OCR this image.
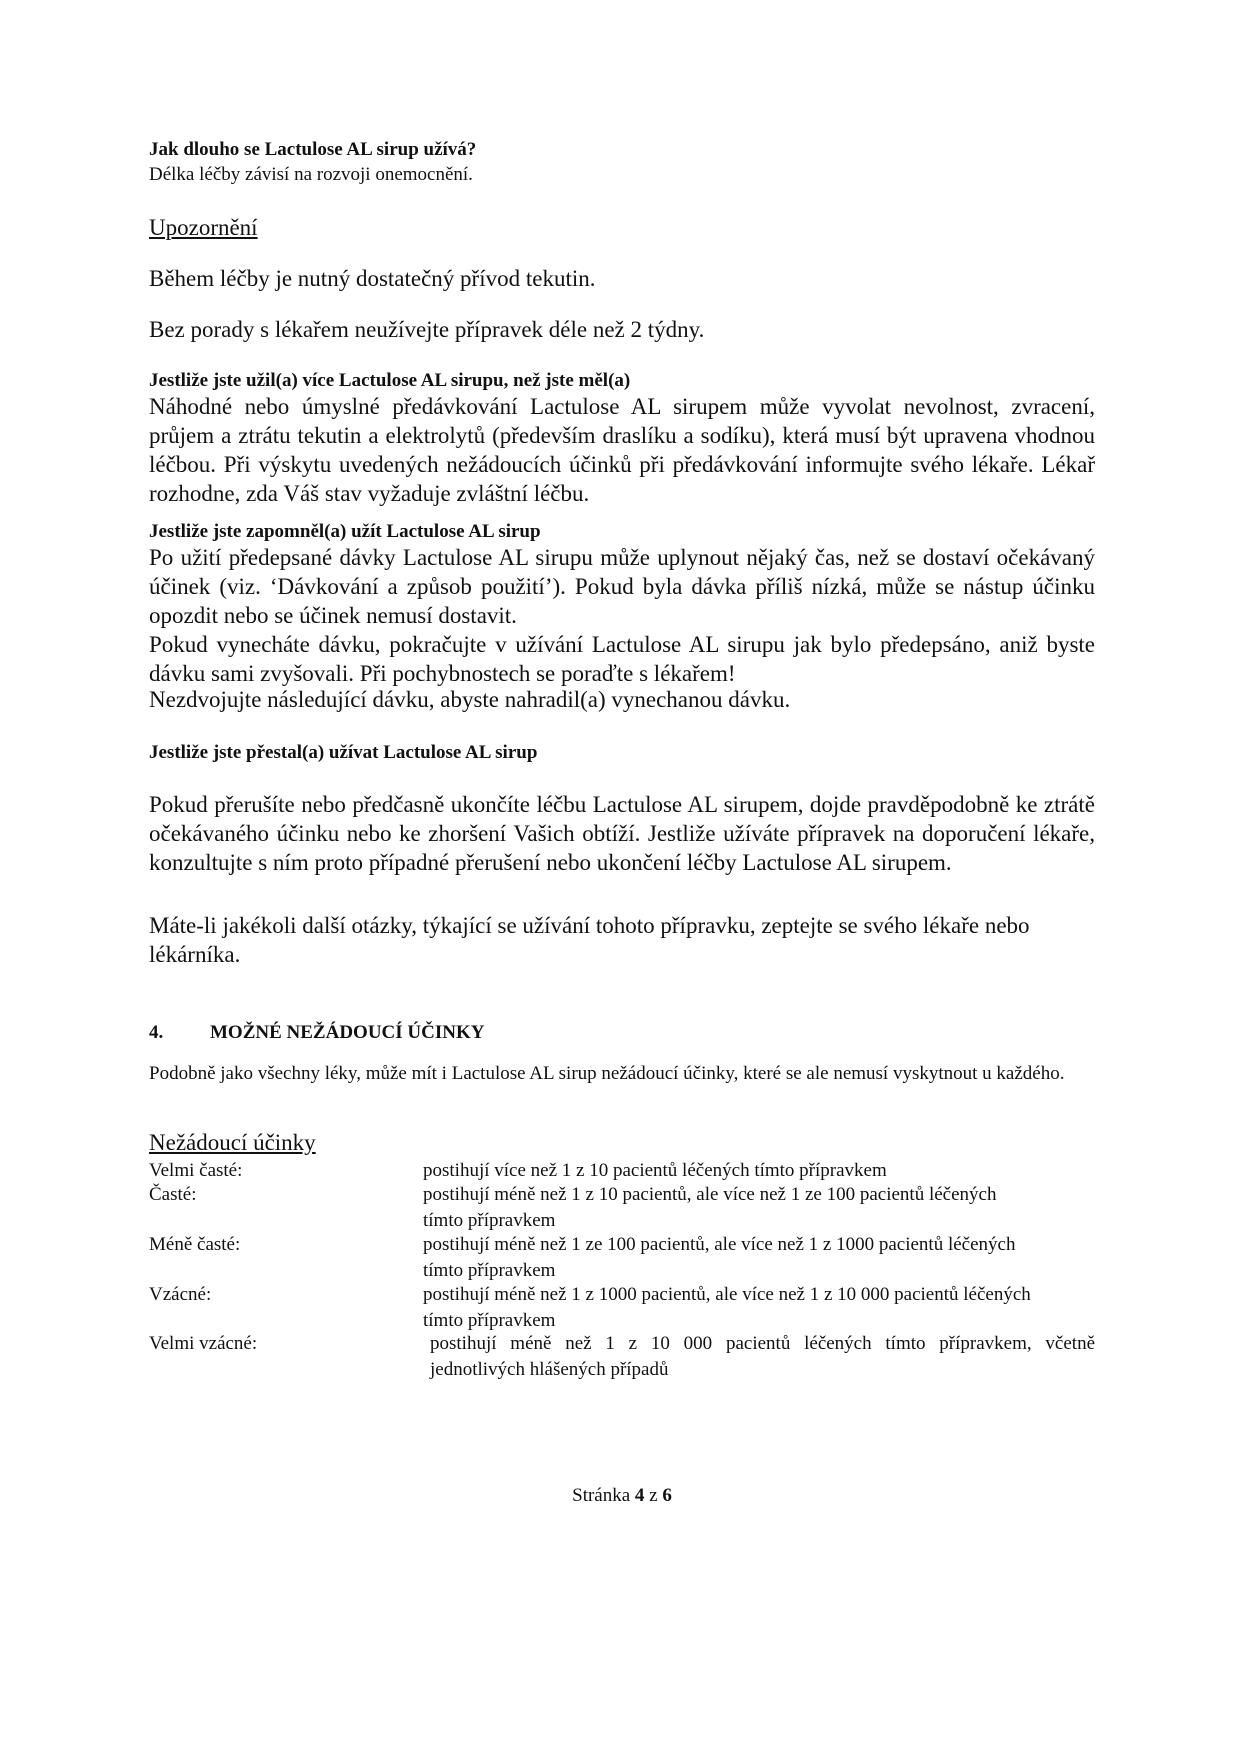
Jak dlouho se Lactulose AL sirup užívá?

Délka léčby závisí na rozvoji onemocnění.

Upozornění

Během léčby je nutný dostatečný přívod tekutin.

Bez porady s lékařem neužívejte přípravek déle než 2 týdny.

Jestliže jste užil(a) více Lactulose AL sirupu, než jste měl(a)

Náhodné nebo úmyslné předávkování Lactulose AL sirupem může vyvolat nevolnost, zvracení, průjem a ztrátu tekutin a elektrolytů (především draslíku a sodíku), která musí být upravena vhodnou léčbou. Při výskytu uvedených nežádoucích účinků při předávkování informujte svého lékaře. Lékař rozhodne, zda Váš stav vyžaduje zvláštní léčbu.

Jestliže jste zapomněl(a) užít Lactulose AL sirup

Po užití předepsané dávky Lactulose AL sirupu může uplynout nějaký čas, než se dostaví očekávaný účinek (viz. ‘Dávkování a způsob použití’). Pokud byla dávka příliš nízká, může se nástup účinku opozdit nebo se účinek nemusí dostavit.

Pokud vynecháte dávku, pokračujte v užívání Lactulose AL sirupu jak bylo předepsáno, aniž byste dávku sami zvyšovali. Při pochybnostech se poraďte s lékařem!

Nezdvojujte následující dávku, abyste nahradil(a) vynechanou dávku.

Jestliže jste přestal(a) užívat Lactulose AL sirup

Pokud přerušíte nebo předčasně ukončíte léčbu Lactulose AL sirupem, dojde pravděpodobně ke ztrátě očekávaného účinku nebo ke zhoršení Vašich obtíží. Jestliže užíváte přípravek na doporučení lékaře, konzultujte s ním proto případné přerušení nebo ukončení léčby Lactulose AL sirupem.

Máte-li jakékoli další otázky, týkající se užívání tohoto přípravku, zeptejte se svého lékaře nebo lékárníka.

4. MOŽNÉ NEŽÁDOUCÍ ÚČINKY

Podobně jako všechny léky, může mít i Lactulose AL sirup nežádoucí účinky, které se ale nemusí vyskytnout u každého.

Nežádoucí účinky

Velmi časté:	postihují více než 1 z 10 pacientů léčených tímto přípravkem
Časté:	postihují méně než 1 z 10 pacientů, ale více než 1 ze 100 pacientů léčených tímto přípravkem
Méně časté:	postihují méně než 1 ze 100 pacientů, ale více než 1 z 1000 pacientů léčených tímto přípravkem
Vzácné:	postihují méně než 1 z 1000 pacientů, ale více než 1 z 10 000 pacientů léčených tímto přípravkem
Velmi vzácné:	postihují méně než 1 z 10 000 pacientů léčených tímto přípravkem, včetně jednotlivých hlášených případů
Stránka 4 z 6
